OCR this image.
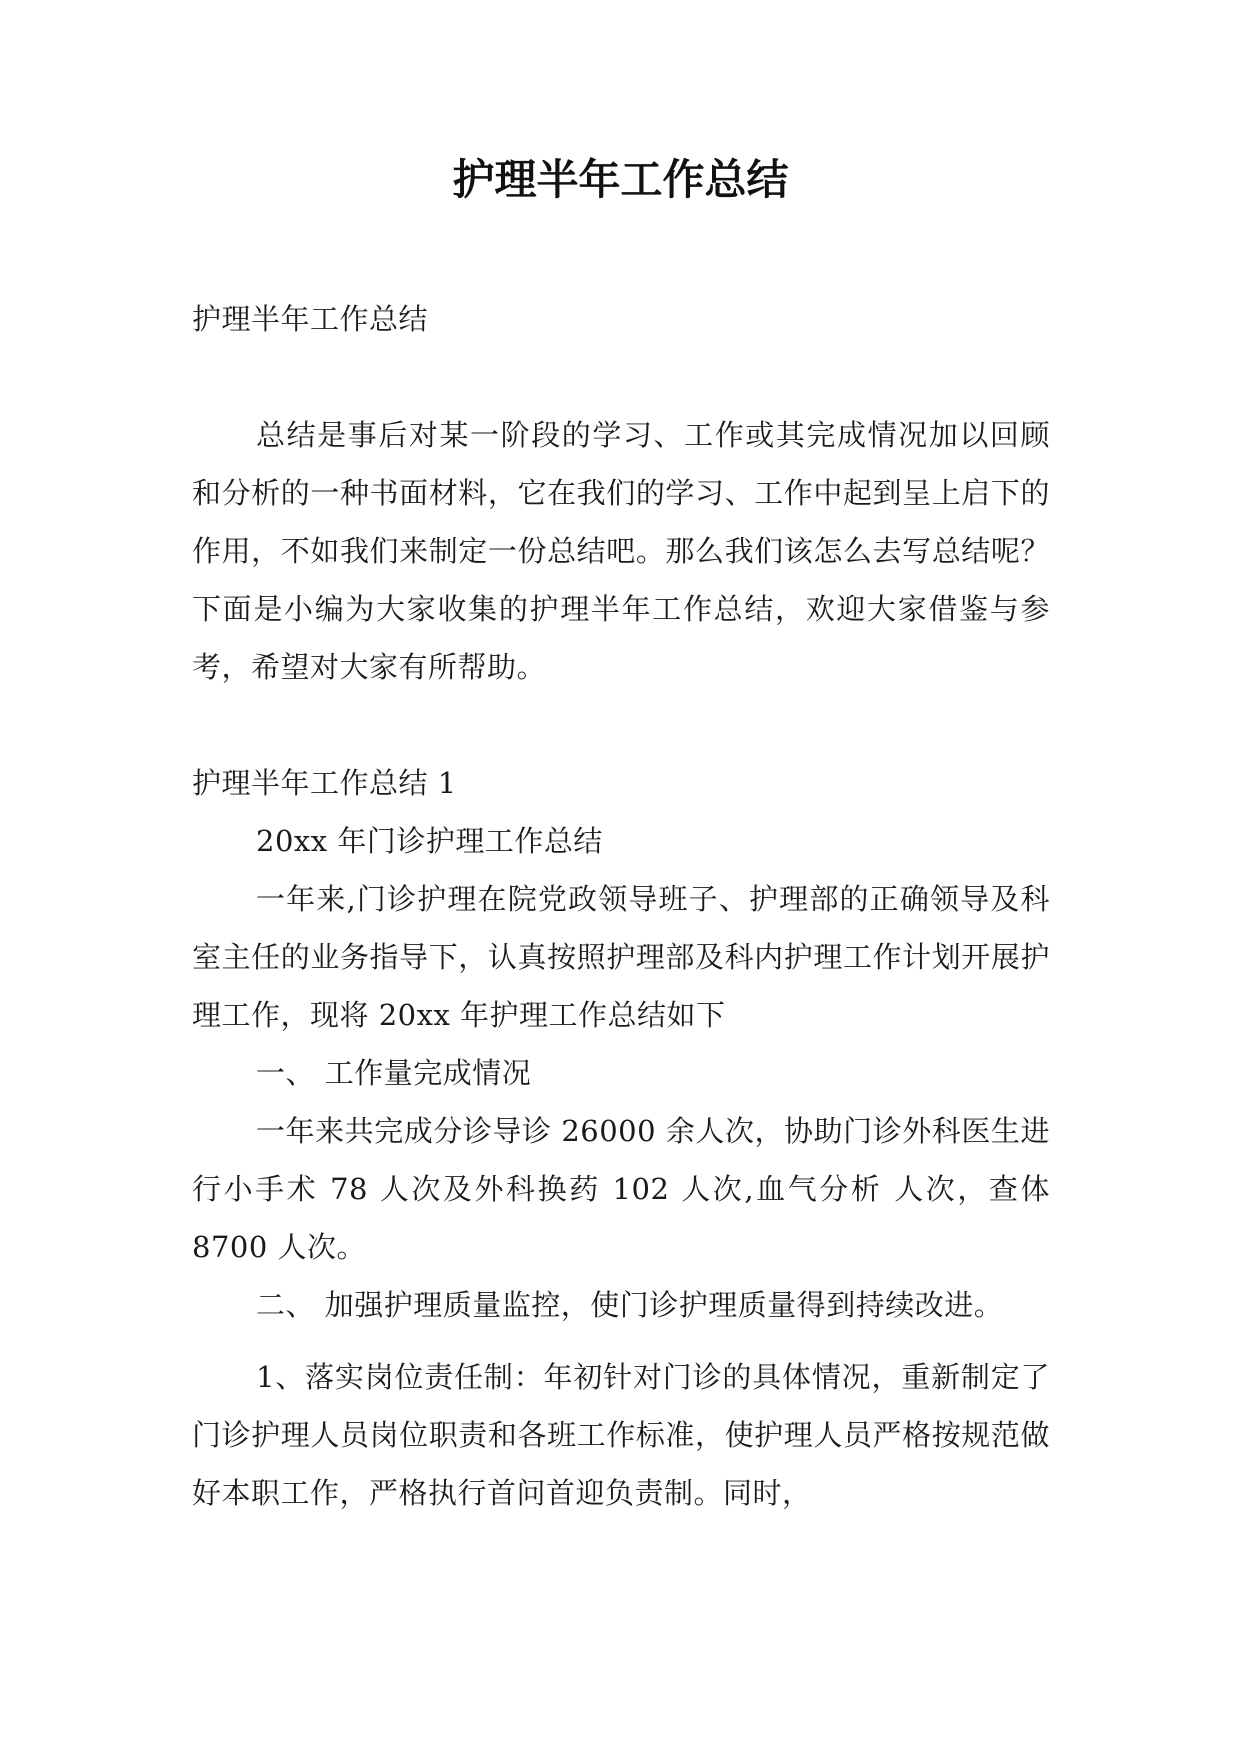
护理半年工作总结

护理半年工作总结

总结是事后对某一阶段的学习、工作或其完成情况加以回顾和分析的一种书面材料，它在我们的学习、工作中起到呈上启下的作用，不如我们来制定一份总结吧。那么我们该怎么去写总结呢？下面是小编为大家收集的护理半年工作总结，欢迎大家借鉴与参考，希望对大家有所帮助。

护理半年工作总结 1

20xx 年门诊护理工作总结

一年来,门诊护理在院党政领导班子、护理部的正确领导及科室主任的业务指导下，认真按照护理部及科内护理工作计划开展护理工作，现将 20xx 年护理工作总结如下

一、 工作量完成情况

一年来共完成分诊导诊 26000 余人次，协助门诊外科医生进行小手术 78 人次及外科换药 102 人次,血气分析 人次，查体 8700 人次。

二、 加强护理质量监控，使门诊护理质量得到持续改进。

1、落实岗位责任制：年初针对门诊的具体情况，重新制定了门诊护理人员岗位职责和各班工作标准，使护理人员严格按规范做好本职工作，严格执行首问首迎负责制。同时，
